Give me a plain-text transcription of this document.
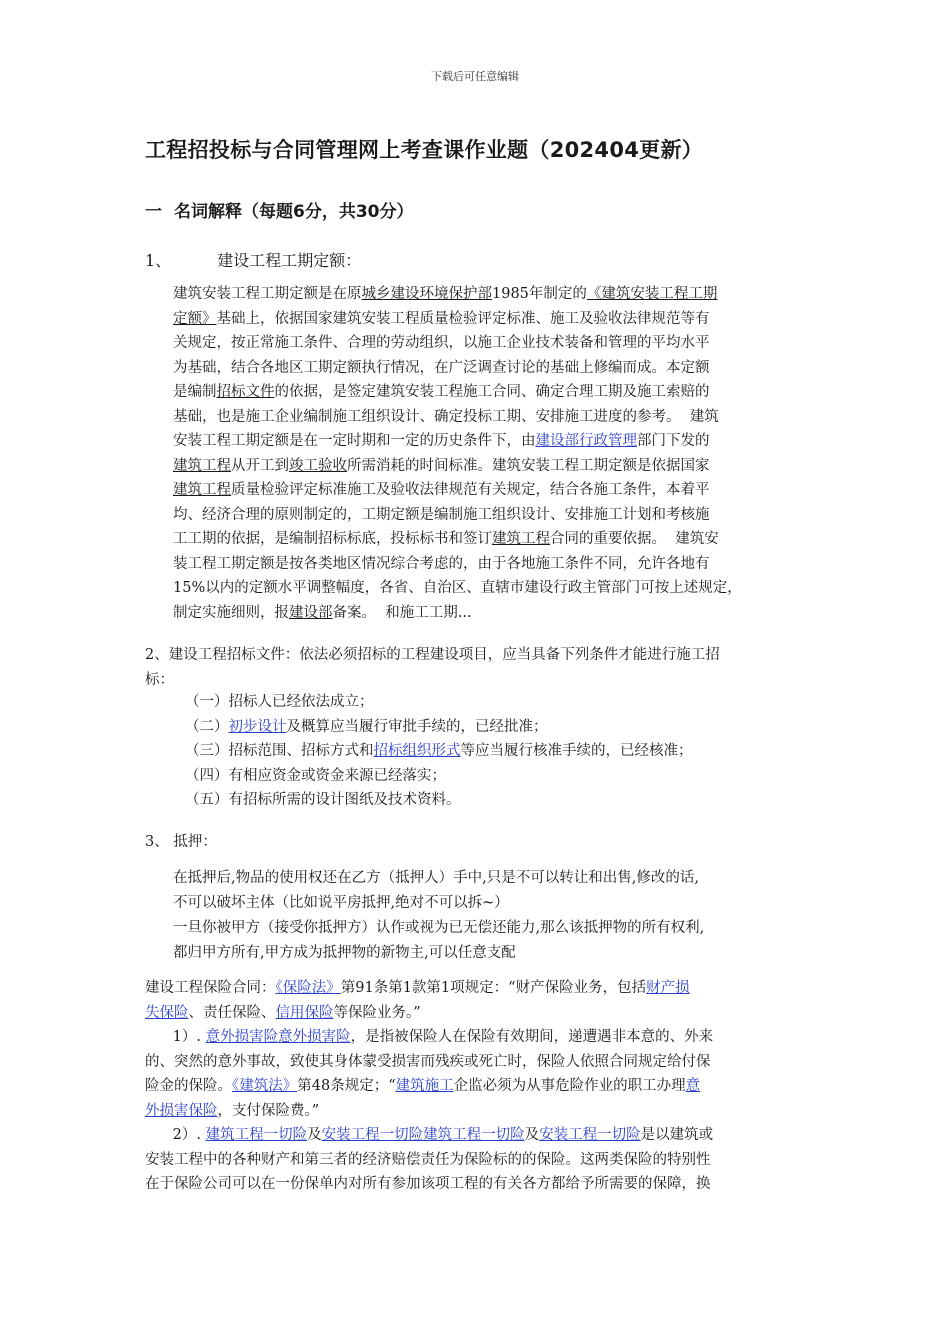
下载后可任意编辑
工程招投标与合同管理网上考查课作业题（202404更新）
一 名词解释（每题6分，共30分）
1、	建设工程工期定额：
建筑安装工程工期定额是在原城乡建设环境保护部1985年制定的《建筑安装工程工期
定额》基础上，依据国家建筑安装工程质量检验评定标准、施工及验收法律规范等有
关规定，按正常施工条件、合理的劳动组织，以施工企业技术装备和管理的平均水平
为基础，结合各地区工期定额执行情况，在广泛调查讨论的基础上修编而成。本定额
是编制招标文件的依据，是签定建筑安装工程施工合同、确定合理工期及施工索赔的
基础，也是施工企业编制施工组织设计、确定投标工期、安排施工进度的参考。  建筑
安装工程工期定额是在一定时期和一定的历史条件下，由建设部行政管理部门下发的
建筑工程从开工到竣工验收所需消耗的时间标准。建筑安装工程工期定额是依据国家
建筑工程质量检验评定标准施工及验收法律规范有关规定，结合各施工条件，本着平
均、经济合理的原则制定的，工期定额是编制施工组织设计、安排施工计划和考核施
工工期的依据，是编制招标标底，投标标书和签订建筑工程合同的重要依据。  建筑安
装工程工期定额是按各类地区情况综合考虑的，由于各地施工条件不同，允许各地有
15%以内的定额水平调整幅度，各省、自治区、直辖市建设行政主管部门可按上述规定，
制定实施细则，报建设部备案。  和施工工期...
2、建设工程招标文件：依法必须招标的工程建设项目，应当具备下列条件才能进行施工招
标：
（一）招标人已经依法成立；
（二）初步设计及概算应当履行审批手续的，已经批准；
（三）招标范围、招标方式和招标组织形式等应当履行核准手续的，已经核准；
（四）有相应资金或资金来源已经落实；
（五）有招标所需的设计图纸及技术资料。
3、 抵押：
在抵押后,物品的使用权还在乙方（抵押人）手中,只是不可以转让和出售,修改的话,
不可以破坏主体（比如说平房抵押,绝对不可以拆~）
一旦你被甲方（接受你抵押方）认作或视为已无偿还能力,那么该抵押物的所有权利,
都归甲方所有,甲方成为抵押物的新物主,可以任意支配
建设工程保险合同：《保险法》第91条第1款第1项规定：“财产保险业务，包括财产损
失保险、责任保险、信用保险等保险业务。”
1）. 意外损害险意外损害险，是指被保险人在保险有效期间，递遭遇非本意的、外来
的、突然的意外事故，致使其身体蒙受损害而残疾或死亡时，保险人依照合同规定给付保
险金的保险。《建筑法》第48条规定；“建筑施工企监必须为从事危险作业的职工办理意
外损害保险，支付保险费。”
2）. 建筑工程一切险及安装工程一切险建筑工程一切险及安装工程一切险是以建筑或
安装工程中的各种财产和第三者的经济赔偿责任为保险标的的保险。这两类保险的特别性
在于保险公司可以在一份保单内对所有参加该项工程的有关各方都给予所需要的保障，换
